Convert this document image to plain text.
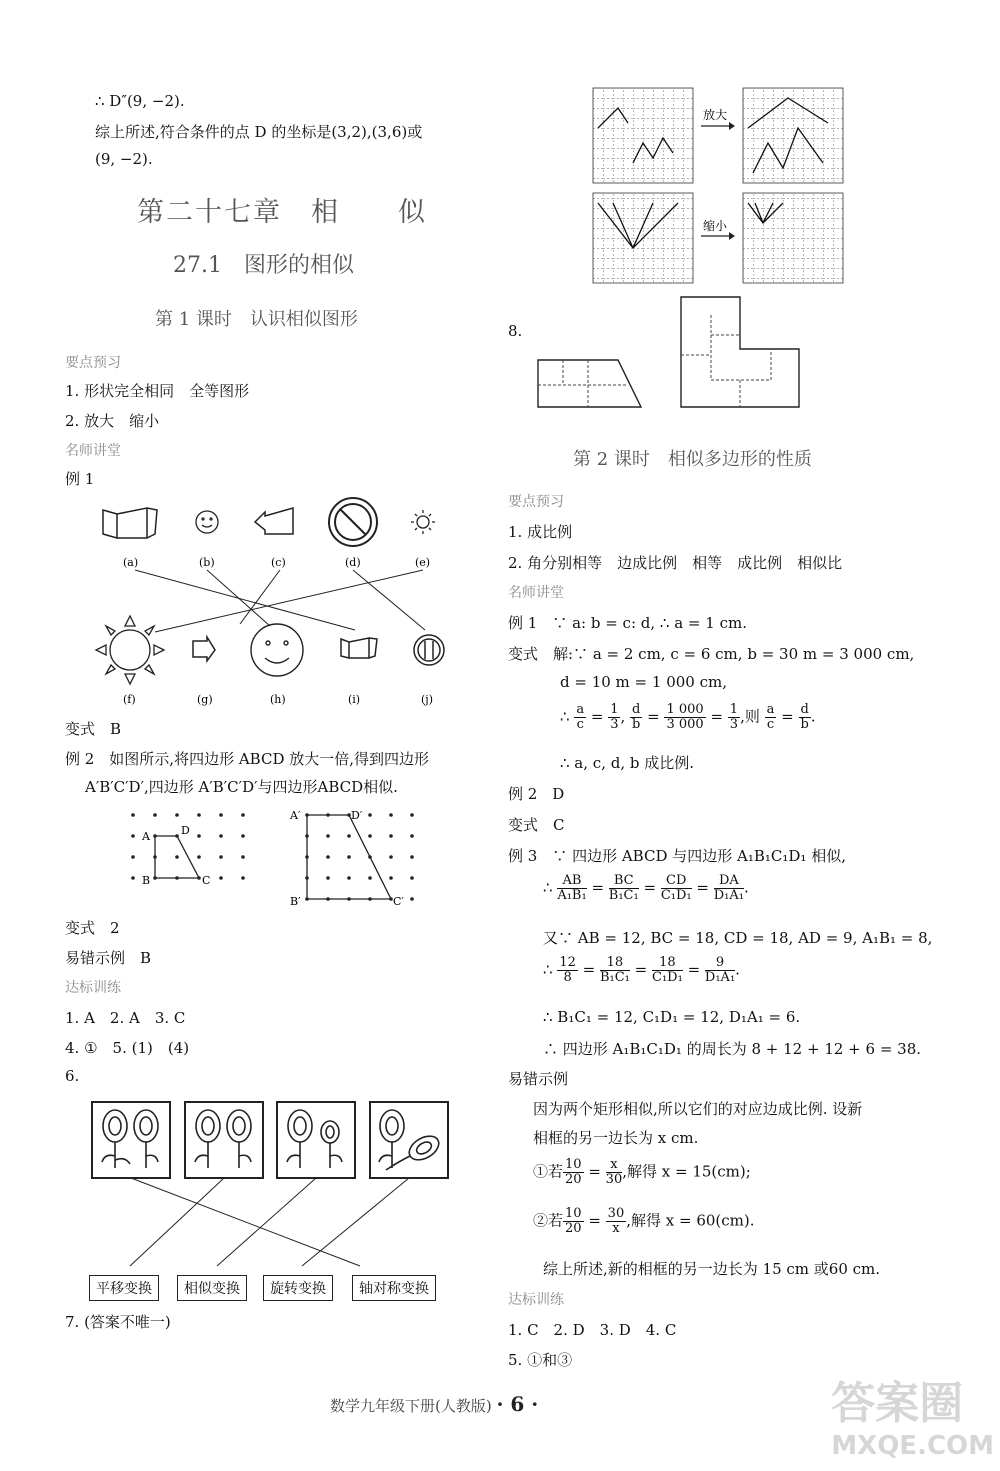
∴ D″(9, −2).
综上所述,符合条件的点 D 的坐标是(3,2),(3,6)或
(9, −2).
第二十七章　相　　似
27.1　图形的相似
第 1 课时　认识相似图形
要点预习
1. 形状完全相同　全等图形
2. 放大　缩小
名师讲堂
例 1
(a)	(b)	(c)	(d)	(e)
(f)	(g)	(h)	(i)	(j)
变式　B
例 2　如图所示,将四边形 ABCD 放大一倍,得到四边形
A′B′C′D′,四边形 A′B′C′D′与四边形ABCD相似.
A	D
B	C
A′	D′
B′	C′
变式　2
易错示例　B
达标训练
1. A　2. A　3. C
4. ①　5. (1)　(4)
6.
平移变换	相似变换	旋转变换	轴对称变换
7. (答案不唯一)
放大
缩小
8.
第 2 课时　相似多边形的性质
要点预习
1. 成比例
2. 角分别相等　边成比例　相等　成比例　相似比
名师讲堂
例 1　∵ a: b = c: d, ∴ a = 1 cm.
变式　解:∵ a = 2 cm, c = 6 cm, b = 30 m = 3 000 cm,
d = 10 m = 1 000 cm,
∴ $\frac{a}{c} = \frac{1}{3}$ , $\frac{d}{b} = \frac{1 000}{3 000} = \frac{1}{3}$ ,则 $\frac{a}{c} = \frac{d}{b}$ .
∴ a, c, d, b 成比例.
例 2　D
变式　C
例 3　∵ 四边形 ABCD 与四边形 A₁B₁C₁D₁ 相似,
∴ $\frac{AB}{\text{A₁B₁}} = \frac{BC}{\text{B₁C₁}} = \frac{CD}{\text{C₁D₁}} = \frac{DA}{\text{D₁A₁}}$ .
又∵ AB = 12, BC = 18, CD = 18, AD = 9, A₁B₁ = 8,
∴ $\frac{12}{8} = \frac{18}{\text{B₁C₁}} = \frac{18}{\text{C₁D₁}} = \frac{9}{\text{D₁A₁}}$ .
∴ B₁C₁ = 12, C₁D₁ = 12, D₁A₁ = 6.
∴ 四边形 A₁B₁C₁D₁ 的周长为 8 + 12 + 12 + 6 = 38.
易错示例
因为两个矩形相似,所以它们的对应边成比例. 设新
相框的另一边长为 x cm.
①若 $\frac{10}{20} = \frac{x}{30}$ ,解得 x = 15(cm);
②若 $\frac{10}{20} = \frac{30}{x}$ ,解得 x = 60(cm).
综上所述,新的相框的另一边长为 15 cm 或60 cm.
达标训练
1. C　2. D　3. D　4. C
5. ①和③
数学九年级下册(人教版) · 6 ·	答案圈
MXQE.COM
